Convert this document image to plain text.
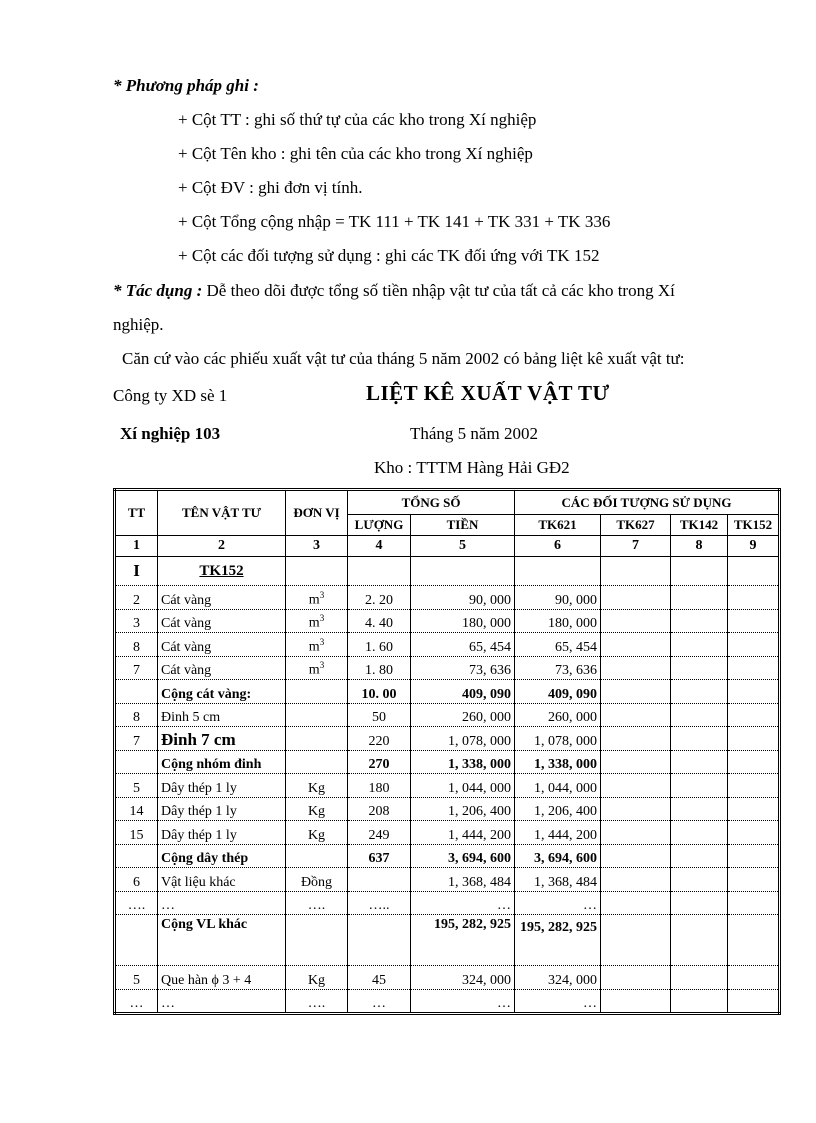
* Phương pháp ghi :
+ Cột TT : ghi số thứ tự của các kho trong Xí nghiệp
+ Cột Tên kho : ghi tên của các kho trong Xí nghiệp
+ Cột ĐV : ghi đơn vị tính.
+ Cột Tổng cộng nhập = TK 111 + TK 141 + TK 331 + TK 336
+ Cột các đối tượng sử dụng : ghi các TK đối ứng với TK 152
* Tác dụng : Dễ theo dõi được tổng số tiền nhập vật tư của tất cả các kho trong Xí
nghiệp.
Căn cứ vào các phiếu xuất vật tư của tháng 5 năm 2002 có bảng liệt kê xuất vật tư:
Công ty XD sè 1	LIỆT KÊ XUẤT VẬT TƯ
Xí nghiệp 103	Tháng 5 năm 2002
Kho : TTTM Hàng Hải GĐ2
TT	TÊN VẬT TƯ	ĐƠN VỊ	TỔNG SỐ		CÁC ĐỐI TƯỢNG SỬ DỤNG			
			LƯỢNG	TIỀN	TK621	TK627	TK142	TK152
1	2	3	4	5	6	7	8	9
I	TK152							
2	Cát vàng	$m^3$	2. 20	90, 000	90, 000			
3	Cát vàng	$m^3$	4. 40	180, 000	180, 000			
8	Cát vàng	$m^3$	1. 60	65, 454	65, 454			
7	Cát vàng	$m^3$	1. 80	73, 636	73, 636			
	Cộng cát vàng:		10. 00	409, 090	409, 090			
8	Đinh 5 cm		50	260, 000	260, 000			
7	Đinh 7 cm		220	1, 078, 000	1, 078, 000			
	Cộng nhóm đinh		270	1, 338, 000	1, 338, 000			
5	Dây thép 1 ly	Kg	180	1, 044, 000	1, 044, 000			
14	Dây thép 1 ly	Kg	208	1, 206, 400	1, 206, 400			
15	Dây thép 1 ly	Kg	249	1, 444, 200	1, 444, 200			
	Cộng dây thép		637	3, 694, 600	3, 694, 600			
6	Vật liệu khác	Đồng		1, 368, 484	1, 368, 484			
….	…	….	…..	…	…			
	Cộng VL khác			195, 282, 925	195, 282, 925			
5	Que hàn ϕ 3 + 4	Kg	45	324, 000	324, 000			
…	…	….	…	…	…			
